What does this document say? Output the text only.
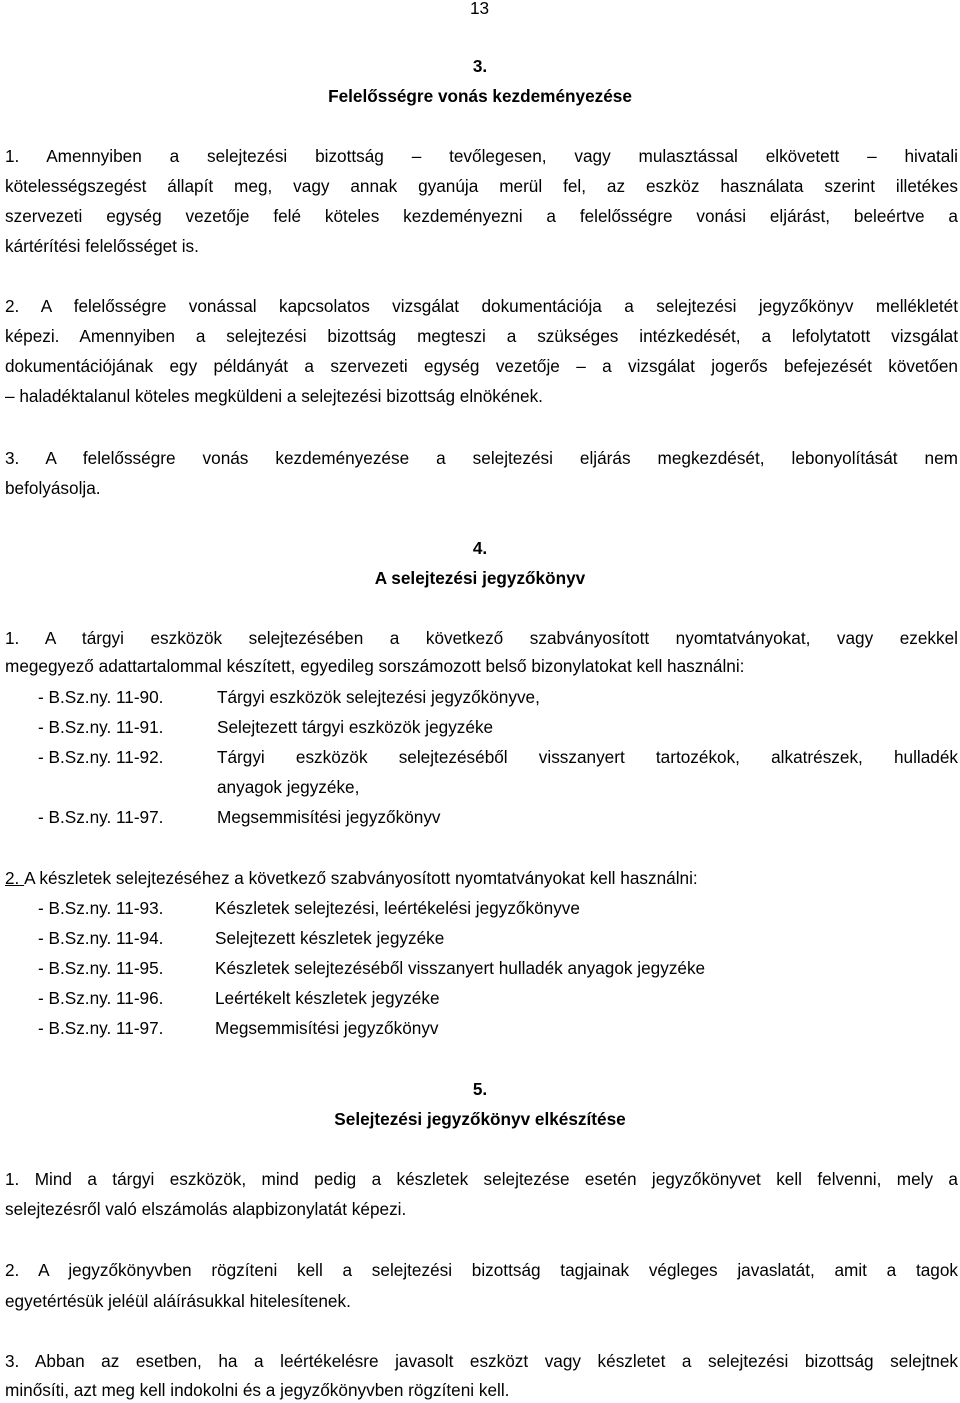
13
3.
Felelősségre vonás kezdeményezése
1. Amennyiben a selejtezési bizottság – tevőlegesen, vagy mulasztással elkövetett – hivatali
kötelességszegést állapít meg, vagy annak gyanúja merül fel, az eszköz használata szerint illetékes
szervezeti egység vezetője felé köteles kezdeményezni a felelősségre vonási eljárást, beleértve a
kártérítési felelősséget is.
2. A felelősségre vonással kapcsolatos vizsgálat dokumentációja a selejtezési jegyzőkönyv mellékletét
képezi. Amennyiben a selejtezési bizottság megteszi a szükséges intézkedését, a lefolytatott vizsgálat
dokumentációjának egy példányát a szervezeti egység vezetője – a vizsgálat jogerős befejezését követően
– haladéktalanul köteles megküldeni a selejtezési bizottság elnökének.
3. A felelősségre vonás kezdeményezése a selejtezési eljárás megkezdését, lebonyolítását nem
befolyásolja.
4.
A selejtezési jegyzőkönyv
1. A tárgyi eszközök selejtezésében a következő szabványosított nyomtatványokat, vagy ezekkel
megegyező adattartalommal készített, egyedileg sorszámozott belső bizonylatokat kell használni:
- B.Sz.ny. 11-90.	Tárgyi eszközök selejtezési jegyzőkönyve,
- B.Sz.ny. 11-91.	Selejtezett tárgyi eszközök jegyzéke
- B.Sz.ny. 11-92.	Tárgyi eszközök selejtezéséből visszanyert tartozékok, alkatrészek, hulladék
anyagok jegyzéke,
- B.Sz.ny. 11-97.	Megsemmisítési jegyzőkönyv
2. A készletek selejtezéséhez a következő szabványosított nyomtatványokat kell használni:
- B.Sz.ny. 11-93.	Készletek selejtezési, leértékelési jegyzőkönyve
- B.Sz.ny. 11-94.	Selejtezett készletek jegyzéke
- B.Sz.ny. 11-95.	Készletek selejtezéséből visszanyert hulladék anyagok jegyzéke
- B.Sz.ny. 11-96.	Leértékelt készletek jegyzéke
- B.Sz.ny. 11-97.	Megsemmisítési jegyzőkönyv
5.
Selejtezési jegyzőkönyv elkészítése
1. Mind a tárgyi eszközök, mind pedig a készletek selejtezése esetén jegyzőkönyvet kell felvenni, mely a
selejtezésről való elszámolás alapbizonylatát képezi.
2. A jegyzőkönyvben rögzíteni kell a selejtezési bizottság tagjainak végleges javaslatát, amit a tagok
egyetértésük jeléül aláírásukkal hitelesítenek.
3. Abban az esetben, ha a leértékelésre javasolt eszközt vagy készletet a selejtezési bizottság selejtnek
minősíti, azt meg kell indokolni és a jegyzőkönyvben rögzíteni kell.
